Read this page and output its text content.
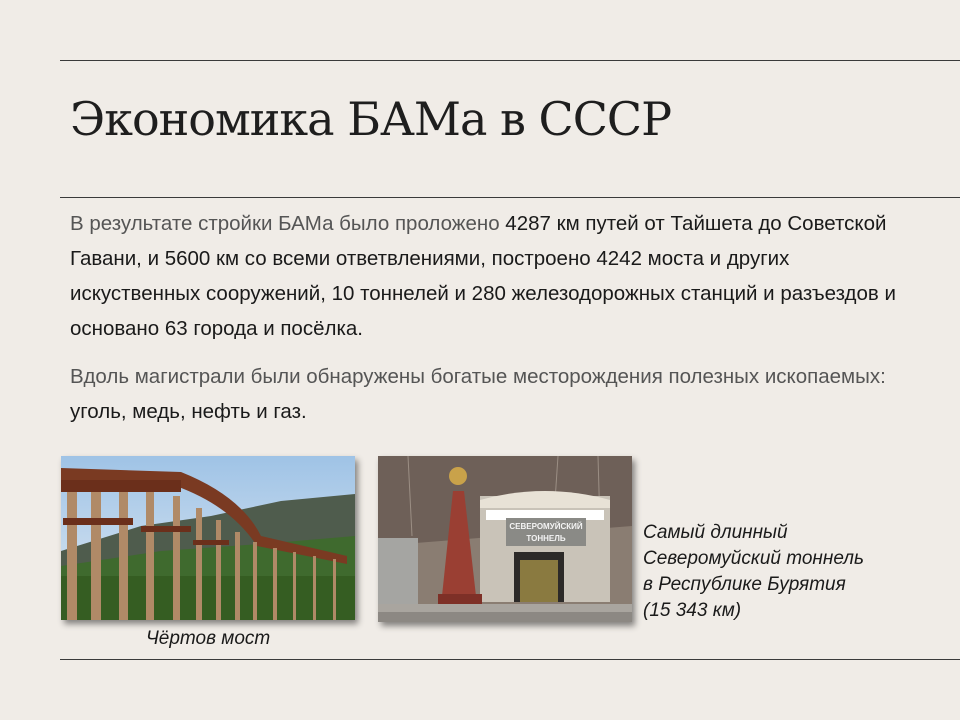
Экономика БАМа в СССР

В результате стройки БАМа было проложено 4287 км путей от Тайшета до Советской Гавани, и 5600 км со всеми ответвлениями, построено 4242 моста и других искуственных сооружений, 10 тоннелей и 280 железодорожных станций и разъездов и основано 63 города и посёлка.

Вдоль магистрали были обнаружены богатые месторождения полезных ископаемых: уголь, медь, нефть и газ.

Чёртов мост

СЕВЕРОМУЙСКИЙ
ТОННЕЛЬ	Самый длинный Северомуйский тоннель в Республике Бурятия (15 343 км)
